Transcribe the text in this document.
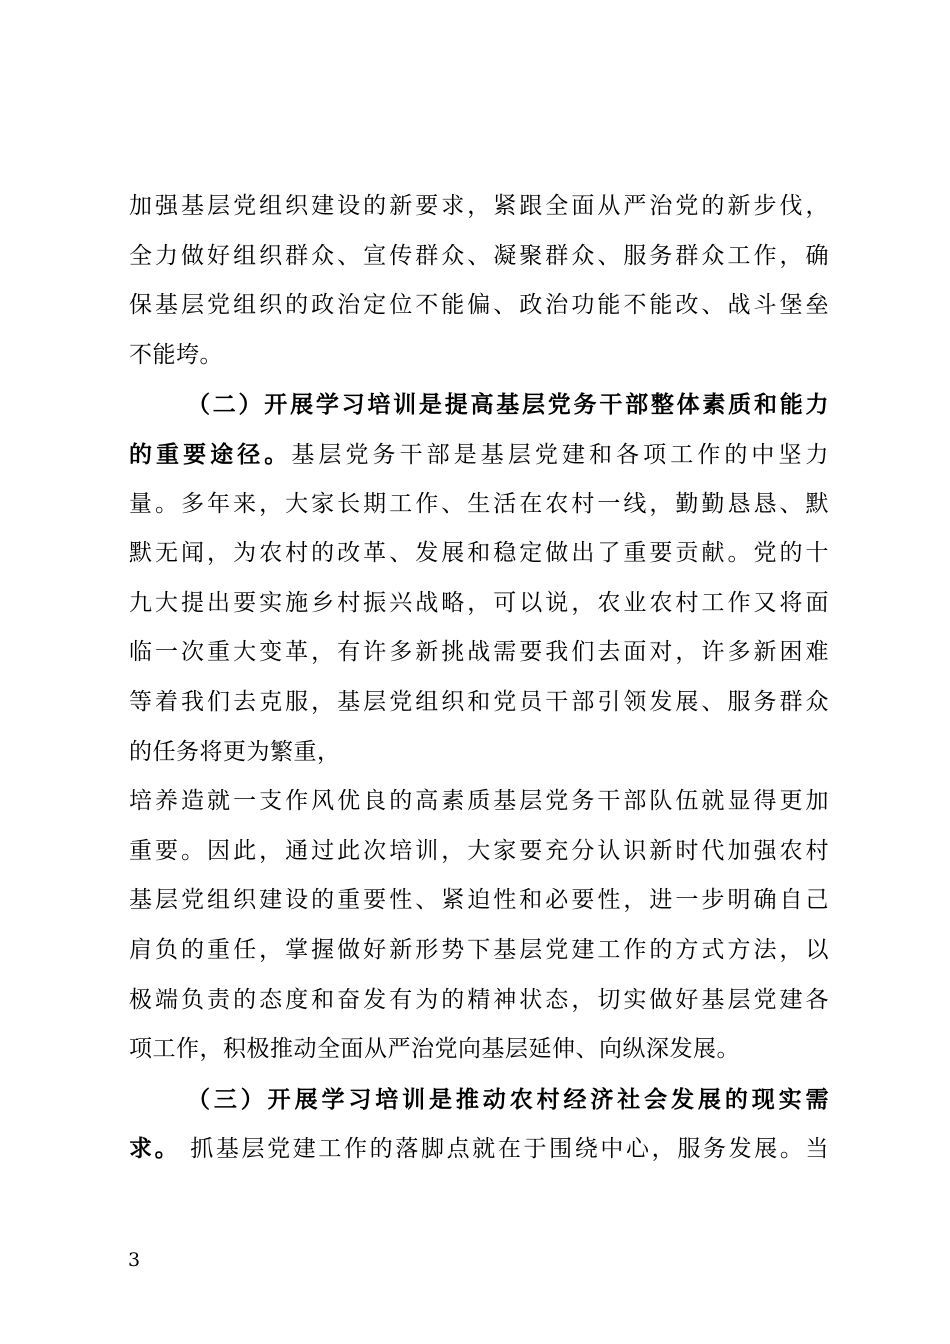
加强基层党组织建设的新要求，紧跟全面从严治党的新步伐，
全力做好组织群众、宣传群众、凝聚群众、服务群众工作，确
保基层党组织的政治定位不能偏、政治功能不能改、战斗堡垒
不能垮。
（二）开展学习培训是提高基层党务干部整体素质和能力
的重要途径。基层党务干部是基层党建和各项工作的中坚力
量。多年来，大家长期工作、生活在农村一线，勤勤恳恳、默
默无闻，为农村的改革、发展和稳定做出了重要贡献。党的十
九大提出要实施乡村振兴战略，可以说，农业农村工作又将面
临一次重大变革，有许多新挑战需要我们去面对，许多新困难
等着我们去克服，基层党组织和党员干部引领发展、服务群众
的任务将更为繁重，
培养造就一支作风优良的高素质基层党务干部队伍就显得更加
重要。因此，通过此次培训，大家要充分认识新时代加强农村
基层党组织建设的重要性、紧迫性和必要性，进一步明确自己
肩负的重任，掌握做好新形势下基层党建工作的方式方法，以
极端负责的态度和奋发有为的精神状态，切实做好基层党建各
项工作，积极推动全面从严治党向基层延伸、向纵深发展。
（三）开展学习培训是推动农村经济社会发展的现实需
求。 抓基层党建工作的落脚点就在于围绕中心，服务发展。当
3
